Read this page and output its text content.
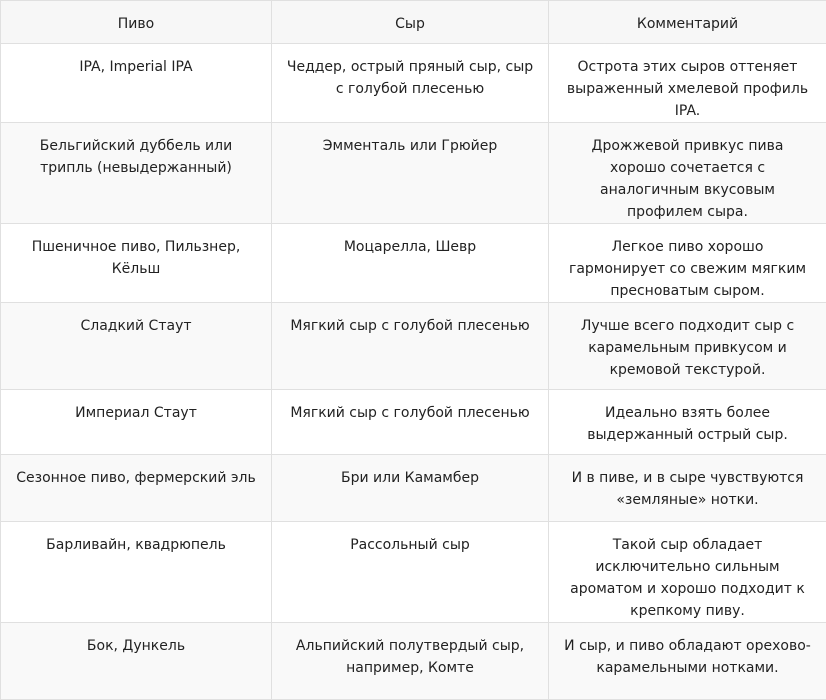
Пиво	Сыр	Комментарий
IPA, Imperial IPA	Чеддер, острый пряный сыр, сыр с голубой плесенью	Острота этих сыров оттеняет выраженный хмелевой профиль IPA.
Бельгийский дуббель или трипль (невыдержанный)	Эмменталь или Грюйер	Дрожжевой привкус пива хорошо сочетается с аналогичным вкусовым профилем сыра.
Пшеничное пиво, Пильзнер, Кёльш	Моцарелла, Шевр	Легкое пиво хорошо гармонирует со свежим мягким пресноватым сыром.
Сладкий Стаут	Мягкий сыр с голубой плесенью	Лучше всего подходит сыр с карамельным привкусом и кремовой текстурой.
Империал Стаут	Мягкий сыр с голубой плесенью	Идеально взять более выдержанный острый сыр.
Сезонное пиво, фермерский эль	Бри или Камамбер	И в пиве, и в сыре чувствуются «земляные» нотки.
Барливайн, квадрюпель	Рассольный сыр	Такой сыр обладает исключительно сильным ароматом и хорошо подходит к крепкому пиву.
Бок, Дункель	Альпийский полутвердый сыр, например, Комте	И сыр, и пиво обладают орехово-карамельными нотками.
